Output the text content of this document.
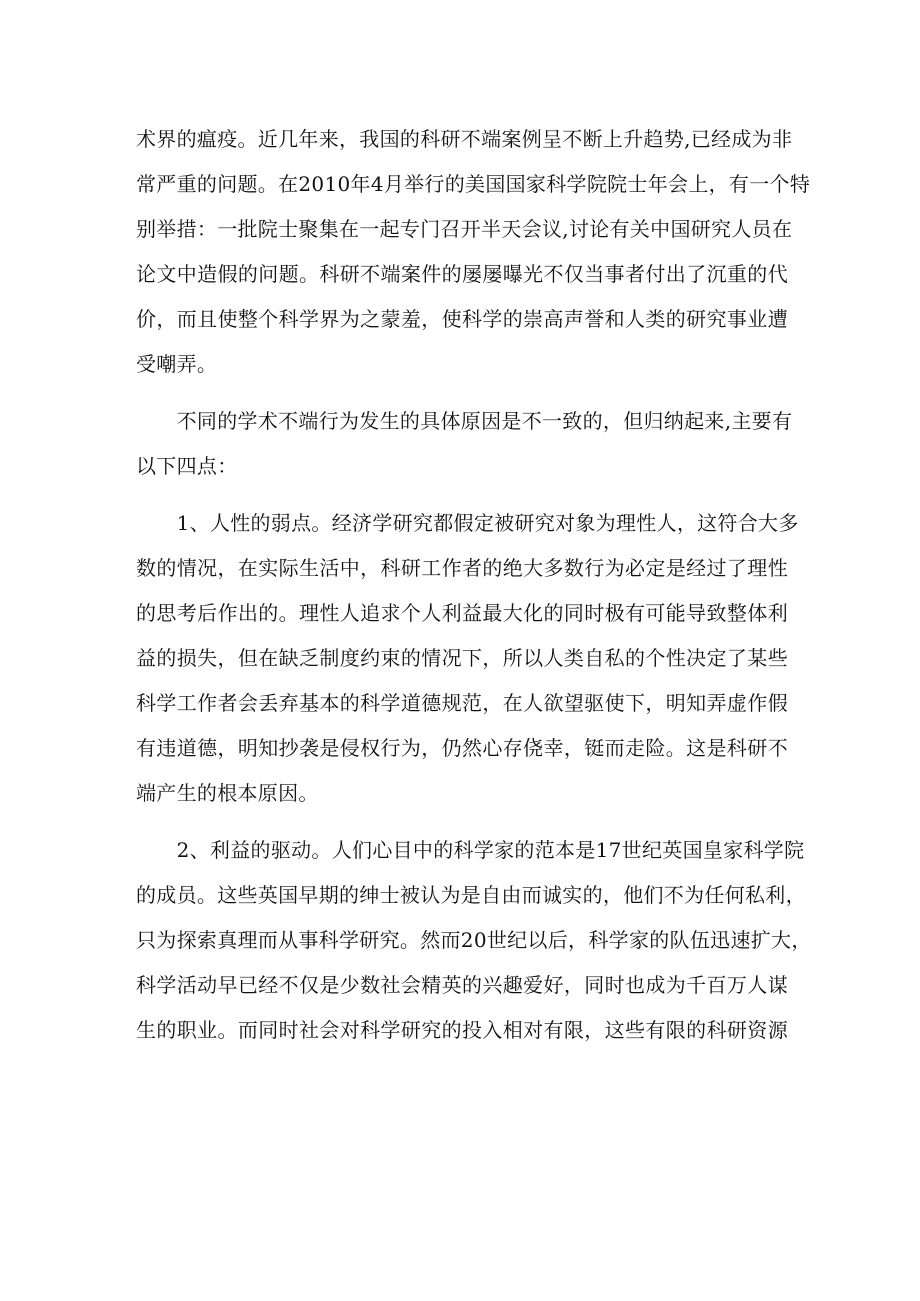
术界的瘟疫。近几年来，我国的科研不端案例呈不断上升趋势,已经成为非
常严重的问题。在2010年4月举行的美国国家科学院院士年会上，有一个特
别举措：一批院士聚集在一起专门召开半天会议,讨论有关中国研究人员在
论文中造假的问题。科研不端案件的屡屡曝光不仅当事者付出了沉重的代
价，而且使整个科学界为之蒙羞，使科学的崇高声誉和人类的研究事业遭
受嘲弄。
　　不同的学术不端行为发生的具体原因是不一致的，但归纳起来,主要有
以下四点：
　　1、人性的弱点。经济学研究都假定被研究对象为理性人，这符合大多
数的情况，在实际生活中，科研工作者的绝大多数行为必定是经过了理性
的思考后作出的。理性人追求个人利益最大化的同时极有可能导致整体利
益的损失，但在缺乏制度约束的情况下，所以人类自私的个性决定了某些
科学工作者会丢弃基本的科学道德规范，在人欲望驱使下，明知弄虚作假
有违道德，明知抄袭是侵权行为，仍然心存侥幸，铤而走险。这是科研不
端产生的根本原因。
　　2、利益的驱动。人们心目中的科学家的范本是17世纪英国皇家科学院
的成员。这些英国早期的绅士被认为是自由而诚实的，他们不为任何私利，
只为探索真理而从事科学研究。然而20世纪以后，科学家的队伍迅速扩大，
科学活动早已经不仅是少数社会精英的兴趣爱好，同时也成为千百万人谋
生的职业。而同时社会对科学研究的投入相对有限，这些有限的科研资源
